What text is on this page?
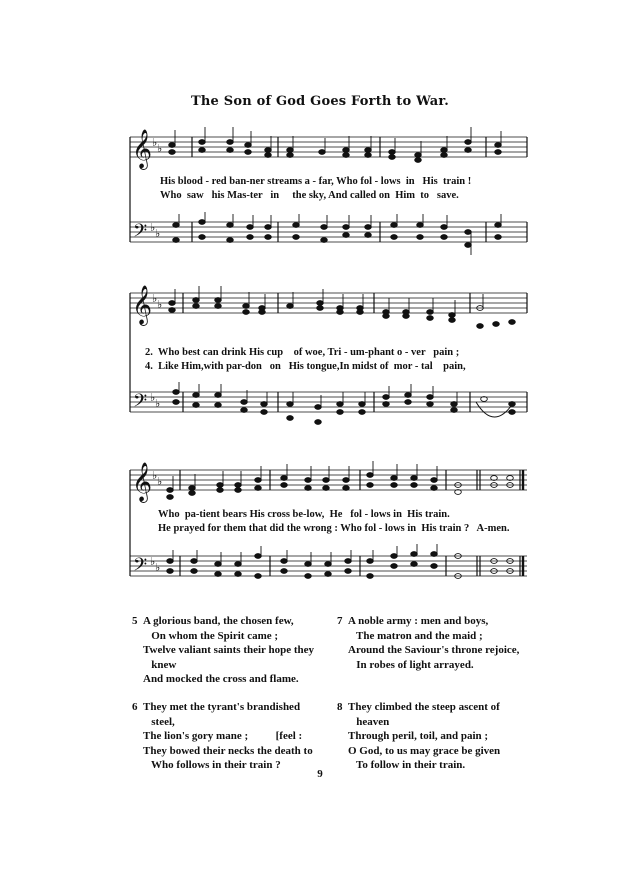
The Son of God Goes Forth to War.
𝄞
𝄢
♭ ♭
♭ ♭
His blood - red ban-ner streams a - far, Who fol - lows  in   His  train !
Who  saw   his Mas-ter   in     the sky, And called on  Him  to   save.
𝄞
𝄢
♭ ♭
♭ ♭
2.  Who best can drink His cup    of woe, Tri - um-phant o - ver   pain ;
4.  Like Him,with par-don   on   His tongue,In midst of  mor - tal    pain,
𝄞
𝄢
♭ ♭
♭ ♭
Who  pa-tient bears His cross be-low,  He   fol - lows in  His train.
He prayed for them that did the wrong : Who fol - lows in  His train ?   A-men.
5 A glorious band, the chosen few,
On whom the Spirit came ;
Twelve valiant saints their hope they
knew
And mocked the cross and flame.
7 A noble army : men and boys,
The matron and the maid ;
Around the Saviour's throne rejoice,
In robes of light arrayed.
6 They met the tyrant's brandished
steel,
The lion's gory mane ;          [feel :
They bowed their necks the death to
Who follows in their train ?
8 They climbed the steep ascent of
heaven
Through peril, toil, and pain ;
O God, to us may grace be given
To follow in their train.
9
